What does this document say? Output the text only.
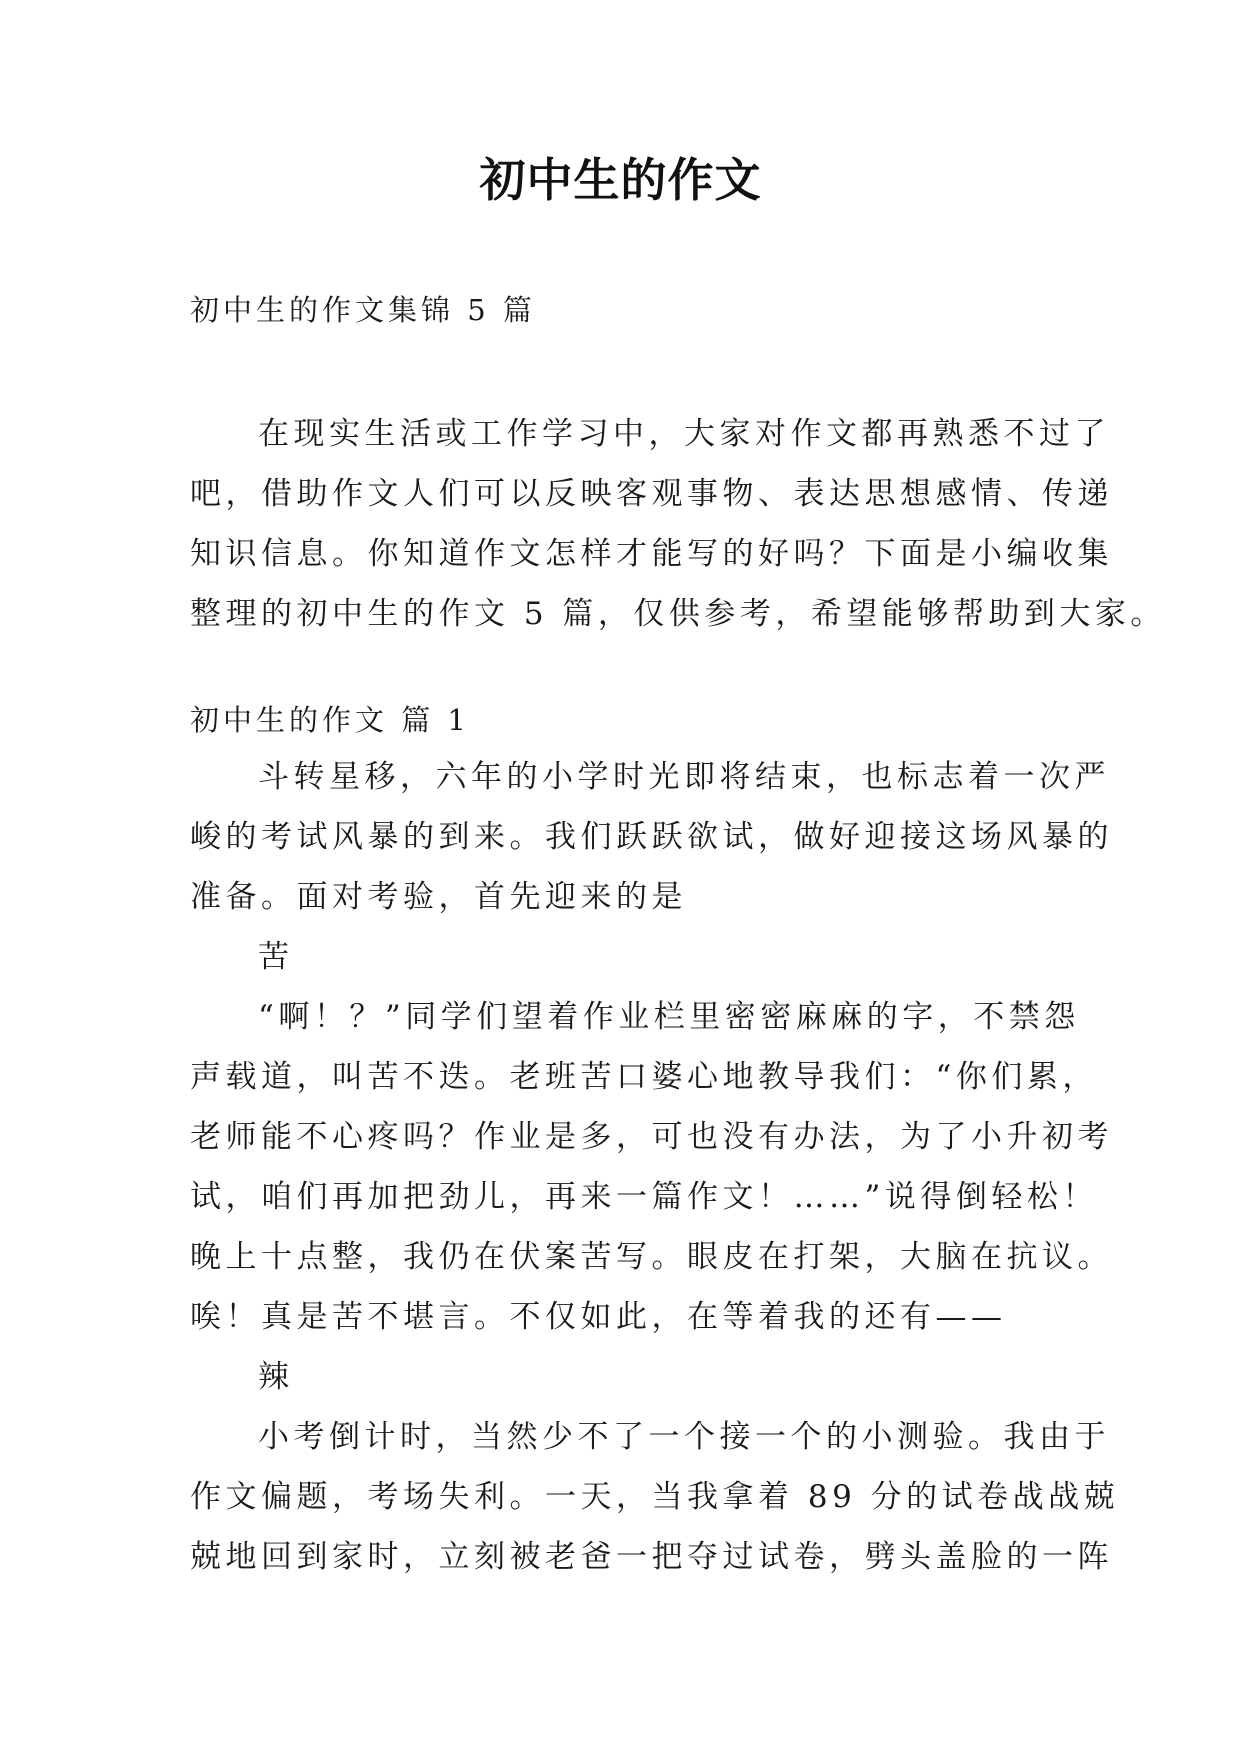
初中生的作文
初中生的作文集锦 5 篇
在现实生活或工作学习中，大家对作文都再熟悉不过了
吧，借助作文人们可以反映客观事物、表达思想感情、传递
知识信息。你知道作文怎样才能写的好吗？下面是小编收集
整理的初中生的作文 5 篇，仅供参考，希望能够帮助到大家。
初中生的作文 篇 1
斗转星移，六年的小学时光即将结束，也标志着一次严
峻的考试风暴的到来。我们跃跃欲试，做好迎接这场风暴的
准备。面对考验，首先迎来的是
苦
“啊！？”同学们望着作业栏里密密麻麻的字，不禁怨
声载道，叫苦不迭。老班苦口婆心地教导我们：“你们累，
老师能不心疼吗？作业是多，可也没有办法，为了小升初考
试，咱们再加把劲儿，再来一篇作文！……”说得倒轻松！
晚上十点整，我仍在伏案苦写。眼皮在打架，大脑在抗议。
唉！真是苦不堪言。不仅如此，在等着我的还有——
辣
小考倒计时，当然少不了一个接一个的小测验。我由于
作文偏题，考场失利。一天，当我拿着 89 分的试卷战战兢
兢地回到家时，立刻被老爸一把夺过试卷，劈头盖脸的一阵
